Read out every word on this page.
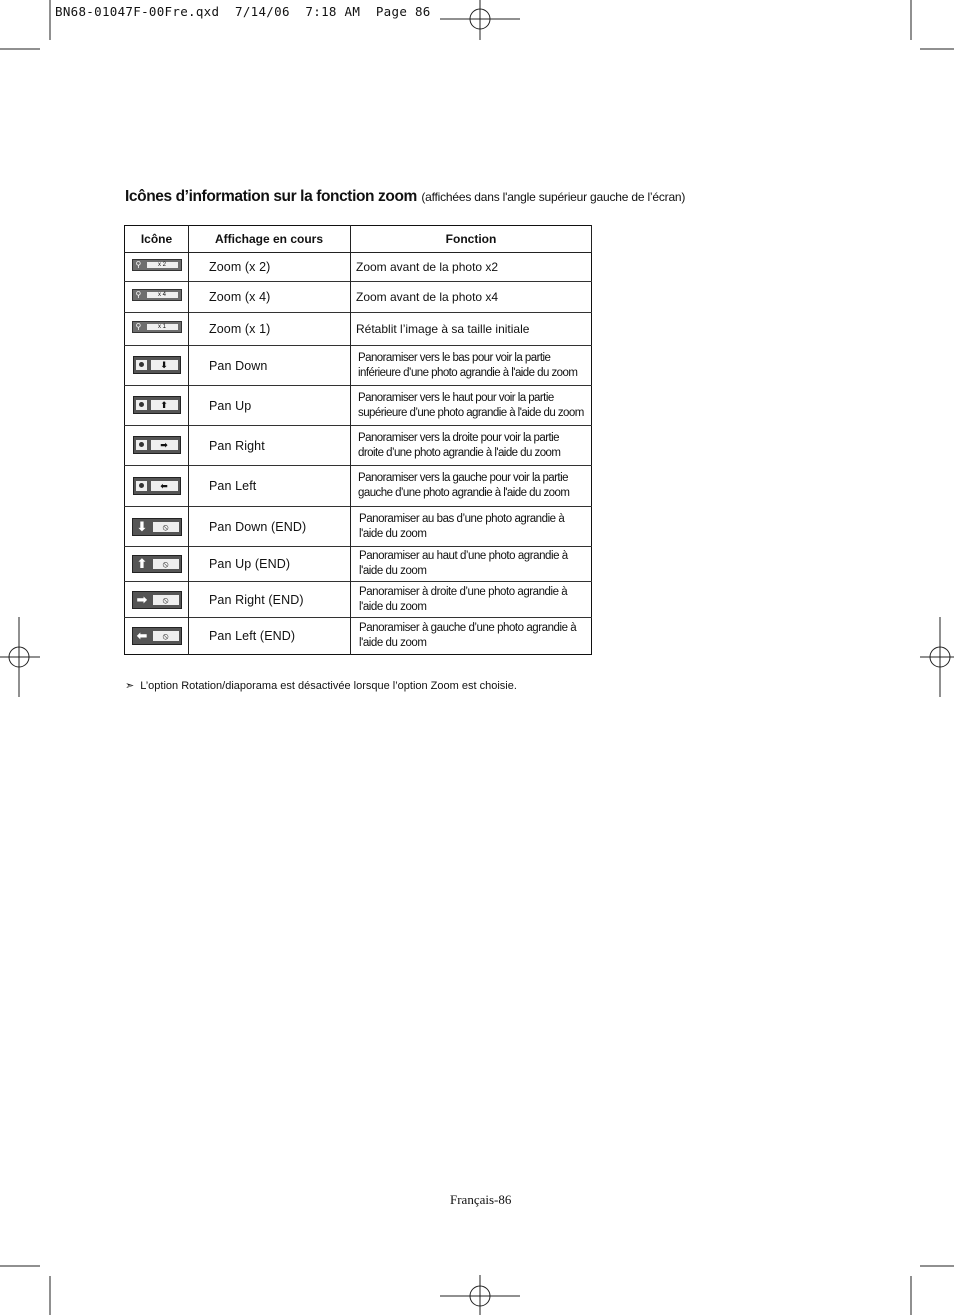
BN68-01047F-00Fre.qxd  7/14/06  7:18 AM  Page 86
Icônes d’information sur la fonction zoom (affichées dans l'angle supérieur gauche de l’écran)
Icône	Affichage en cours	Fonction

⚲ x 2	Zoom (x 2)	Zoom avant de la photo x2

⚲ x 4	Zoom (x 4)	Zoom avant de la photo x4

⚲ x 1	Zoom (x 1)	Rétablit l’image à sa taille initiale

⬇	Pan Down	Panoramiser vers le bas pour voir la partie
inférieure d’une photo agrandie à l'aide du zoom

⬆	Pan Up	Panoramiser vers le haut pour voir la partie
supérieure d’une photo agrandie à l'aide du zoom

➡	Pan Right	Panoramiser vers la droite pour voir la partie
droite d’une photo agrandie à l'aide du zoom

⬅	Pan Left	Panoramiser vers la gauche pour voir la partie
gauche d’une photo agrandie à l'aide du zoom

⬇ ⦸	Pan Down (END)	Panoramiser au bas d’une photo agrandie à
l'aide du zoom

⬆ ⦸	Pan Up (END)	Panoramiser au haut d’une photo agrandie à
l'aide du zoom

➡ ⦸	Pan Right (END)	Panoramiser à droite d’une photo agrandie à
l'aide du zoom

⬅ ⦸	Pan Left (END)	Panoramiser à gauche d’une photo agrandie à
l'aide du zoom
➣ L’option Rotation/diaporama est désactivée lorsque l’option Zoom est choisie.
Français-86
